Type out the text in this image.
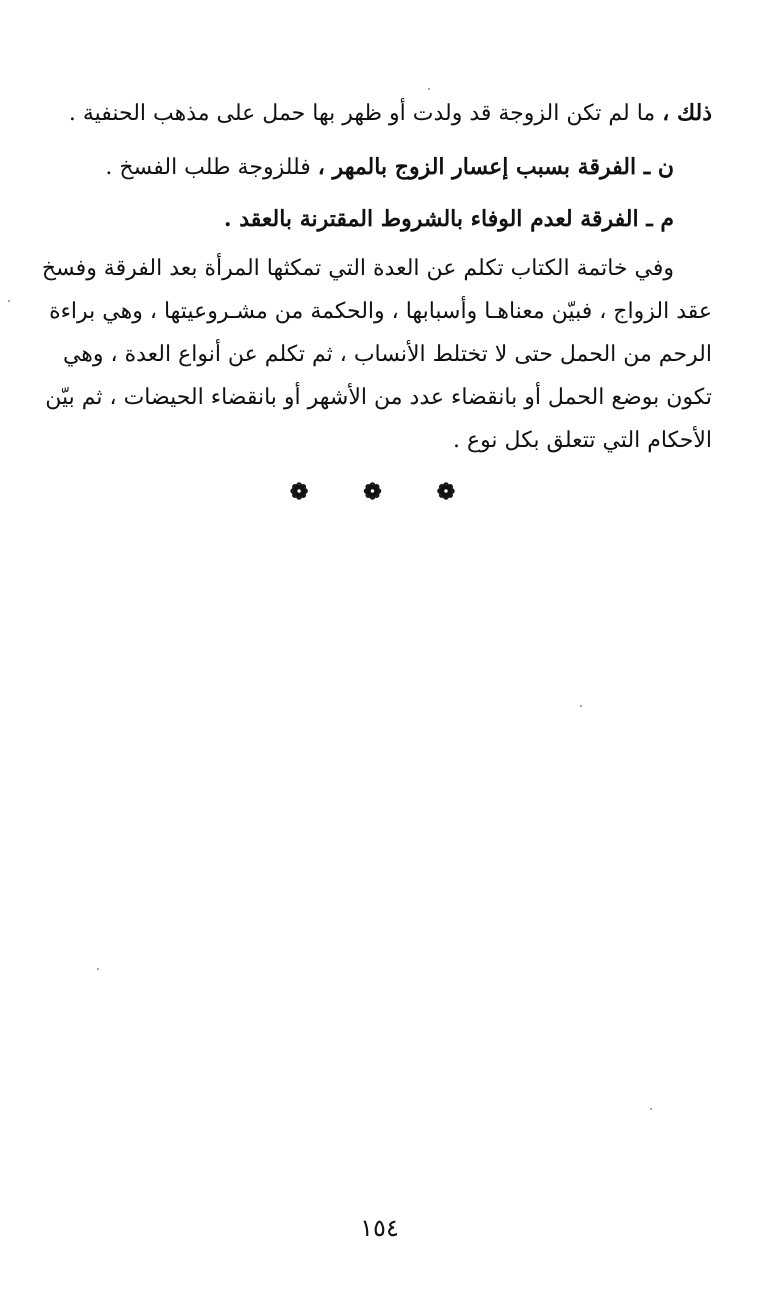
ذلك ، ما لم تكن الزوجة قد ولدت أو ظهر بها حمل على مذهب الحنفية .
ن ـ الفرقة بسبب إعسار الزوج بالمهر ، فللزوجة طلب الفسخ .
م ـ الفرقة لعدم الوفاء بالشروط المقترنة بالعقد .
وفي خاتمة الكتاب تكلم عن العدة التي تمكثها المرأة بعد الفرقة وفسخ
عقد الزواج ، فبيّن معناهـا وأسبابها ، والحكمة من مشـروعيتها ، وهي براءة
الرحم من الحمل حتى لا تختلط الأنساب ، ثم تكلم عن أنواع العدة ، وهي
تكون بوضع الحمل أو بانقضاء عدد من الأشهر أو بانقضاء الحيضات ، ثم بيّن
الأحكام التي تتعلق بكل نوع .
❁ ❁ ❁
١٥٤
